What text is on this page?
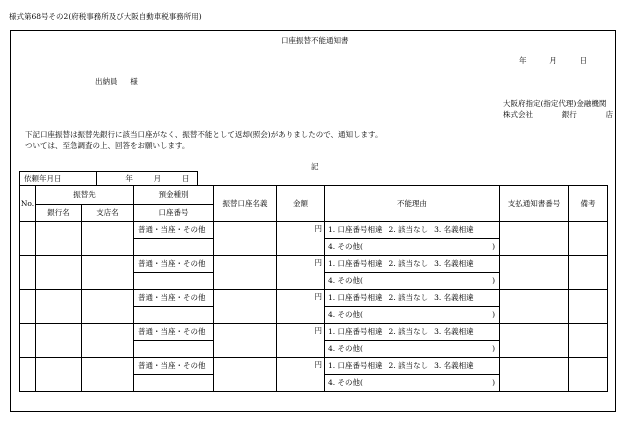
様式第68号その2(府税事務所及び大阪自動車税事務所用)
口座振替不能通知書
年	月	日
出納員 様
大阪府指定(指定代理)金融機関
株式会社	銀行	店
下記口座振替は振替先銀行に該当口座がなく、振替不能として返却(照会)がありましたので、通知します。
ついては、至急調査の上、回答をお願いします。
記
依頼年月日	年	月	日
No.	振替先		預金種別	振替口座名義	金額	不能理由	支払通知書番号	備考
	銀行名	支店名	口座番号					
			普通・当座・その他		円	1. 口座番号相違 2. 該当なし 3. 名義相違		

						4. その他( )		

			普通・当座・その他		円	1. 口座番号相違 2. 該当なし 3. 名義相違		

						4. その他( )		

			普通・当座・その他		円	1. 口座番号相違 2. 該当なし 3. 名義相違		

						4. その他( )		

			普通・当座・その他		円	1. 口座番号相違 2. 該当なし 3. 名義相違		

						4. その他( )		

			普通・当座・その他		円	1. 口座番号相違 2. 該当なし 3. 名義相違		

						4. その他( )		
